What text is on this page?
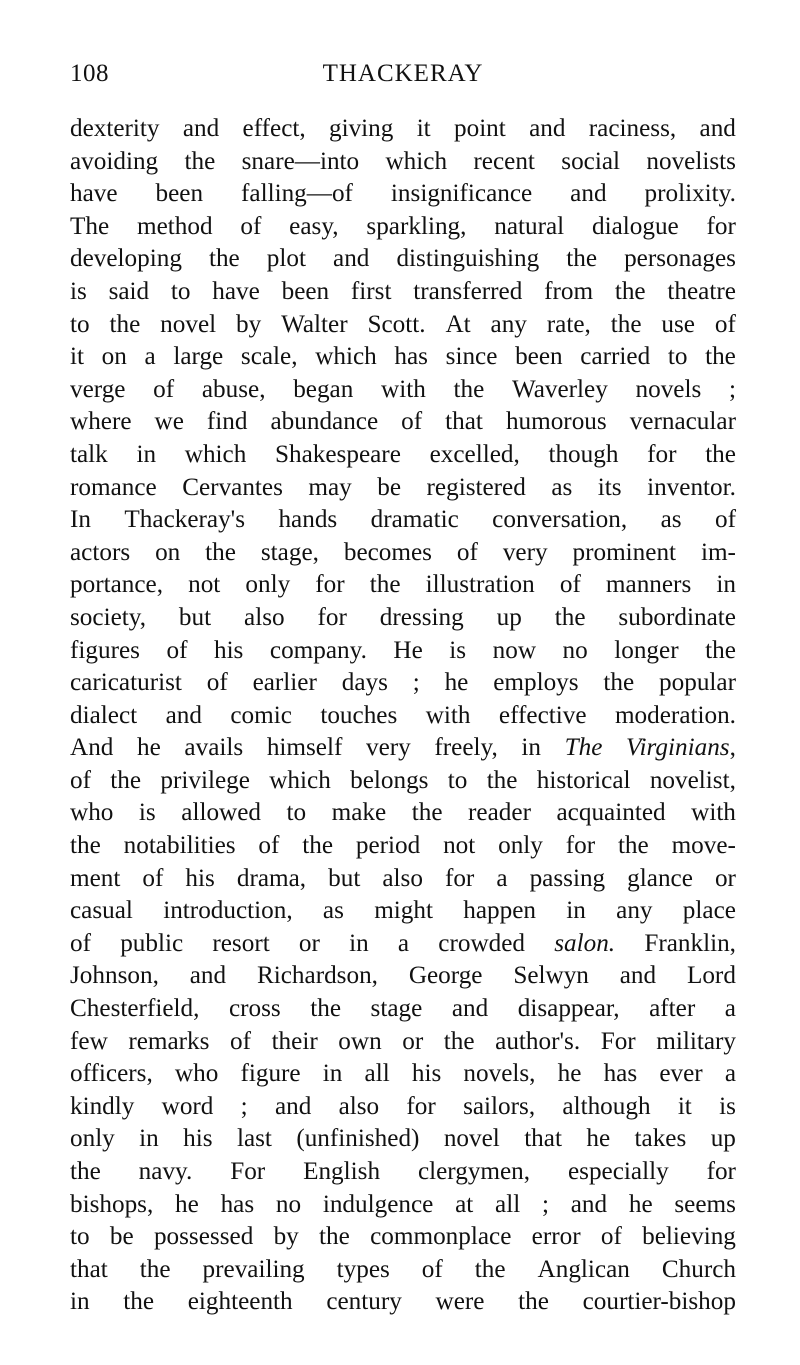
108	THACKERAY
dexterity and effect, giving it point and raciness, and
avoiding the snare—into which recent social novelists
have been falling—of insignificance and prolixity.
The method of easy, sparkling, natural dialogue for
developing the plot and distinguishing the personages
is said to have been first transferred from the theatre
to the novel by Walter Scott. At any rate, the use of
it on a large scale, which has since been carried to the
verge of abuse, began with the Waverley novels ;
where we find abundance of that humorous vernacular
talk in which Shakespeare excelled, though for the
romance Cervantes may be registered as its inventor.
In Thackeray's hands dramatic conversation, as of
actors on the stage, becomes of very prominent im-
portance, not only for the illustration of manners in
society, but also for dressing up the subordinate
figures of his company. He is now no longer the
caricaturist of earlier days ; he employs the popular
dialect and comic touches with effective moderation.
And he avails himself very freely, in The Virginians,
of the privilege which belongs to the historical novelist,
who is allowed to make the reader acquainted with
the notabilities of the period not only for the move-
ment of his drama, but also for a passing glance or
casual introduction, as might happen in any place
of public resort or in a crowded salon. Franklin,
Johnson, and Richardson, George Selwyn and Lord
Chesterfield, cross the stage and disappear, after a
few remarks of their own or the author's. For military
officers, who figure in all his novels, he has ever a
kindly word ; and also for sailors, although it is
only in his last (unfinished) novel that he takes up
the navy. For English clergymen, especially for
bishops, he has no indulgence at all ; and he seems
to be possessed by the commonplace error of believing
that the prevailing types of the Anglican Church
in the eighteenth century were the courtier-bishop
